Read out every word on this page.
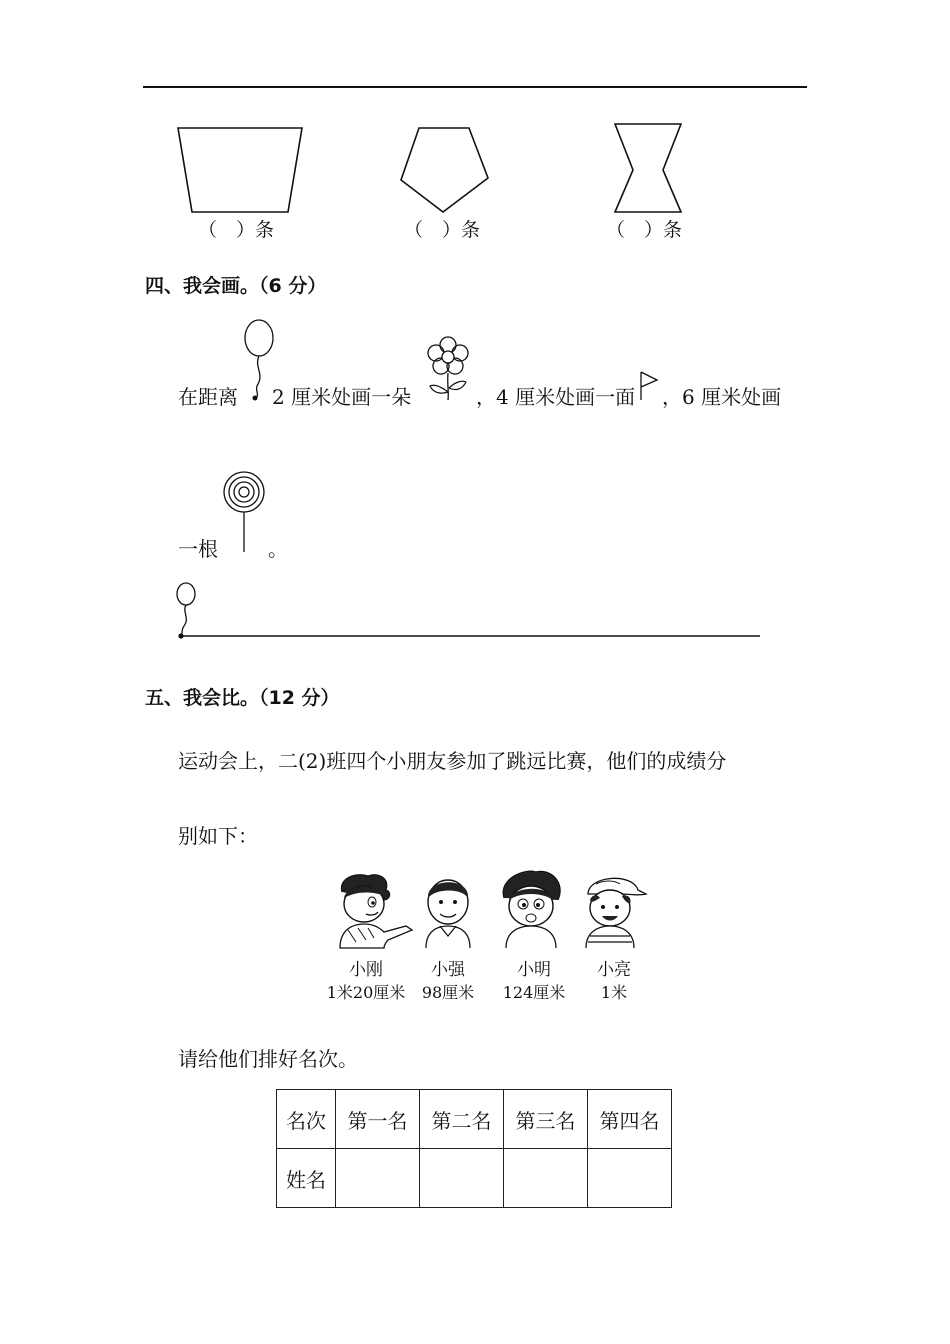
（　）条	（　）条	（　）条
四、我会画。（6 分）
在距离 2 厘米处画一朵	，4 厘米处画一面 ，6 厘米处画
一根	。
五、我会比。（12 分）
运动会上，二(2)班四个小朋友参加了跳远比赛，他们的成绩分
别如下：
小刚
1米20厘米
小强
98厘米
小明
124厘米
小亮
1米
请给他们排好名次。
名次	第一名	第二名	第三名	第四名
姓名				
